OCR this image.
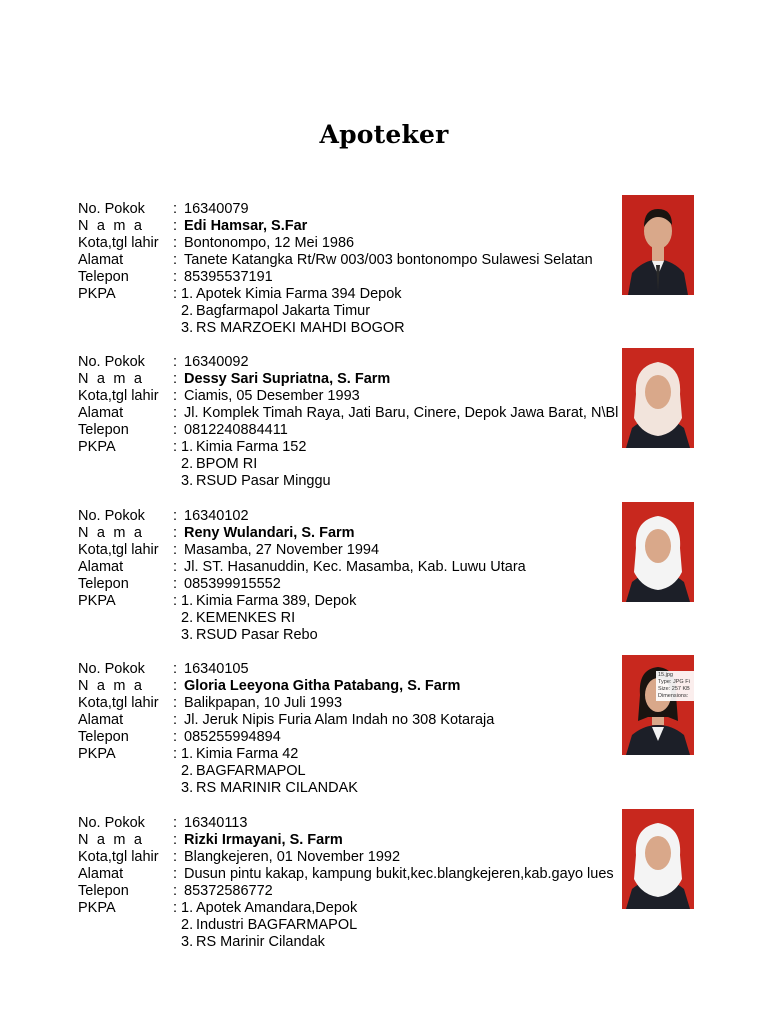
Apoteker
No. Pokok	: 16340079
N a m a	: Edi Hamsar, S.Far
Kota,tgl lahir : Bontonompo, 12 Mei 1986
Alamat	: Tanete Katangka Rt/Rw 003/003 bontonompo Sulawesi Selatan
Telepon	: 85395537191
PKPA	: 1. Apotek Kimia Farma 394 Depok
2. Bagfarmapol Jakarta Timur
3. RS MARZOEKI MAHDI BOGOR
No. Pokok	: 16340092
N a m a	: Dessy Sari Supriatna, S. Farm
Kota,tgl lahir : Ciamis, 05 Desember 1993
Alamat	: Jl. Komplek Timah Raya, Jati Baru, Cinere, Depok Jawa Barat, N\Bl
Telepon	: 0812240884411
PKPA	: 1. Kimia Farma 152
2. BPOM RI
3. RSUD Pasar Minggu
No. Pokok	: 16340102
N a m a	: Reny Wulandari, S. Farm
Kota,tgl lahir : Masamba, 27 November 1994
Alamat	: Jl. ST. Hasanuddin, Kec. Masamba, Kab. Luwu Utara
Telepon	: 085399915552
PKPA	: 1. Kimia Farma 389, Depok
2. KEMENKES RI
3. RSUD Pasar Rebo
No. Pokok	: 16340105
N a m a	: Gloria Leeyona Githa Patabang, S. Farm
Kota,tgl lahir : Balikpapan, 10 Juli 1993
Alamat	: Jl. Jeruk Nipis Furia Alam Indah no 308 Kotaraja
Telepon	: 085255994894
PKPA	: 1. Kimia Farma 42
2. BAGFARMAPOL
3. RS MARINIR CILANDAK
15.jpg
Type: JPG Fi
Size: 257 KB
Dimensions:
No. Pokok	: 16340113
N a m a	: Rizki Irmayani, S. Farm
Kota,tgl lahir : Blangkejeren, 01 November 1992
Alamat	: Dusun pintu kakap, kampung bukit,kec.blangkejeren,kab.gayo lues
Telepon	: 85372586772
PKPA	: 1. Apotek Amandara,Depok
2. Industri BAGFARMAPOL
3. RS Marinir Cilandak
